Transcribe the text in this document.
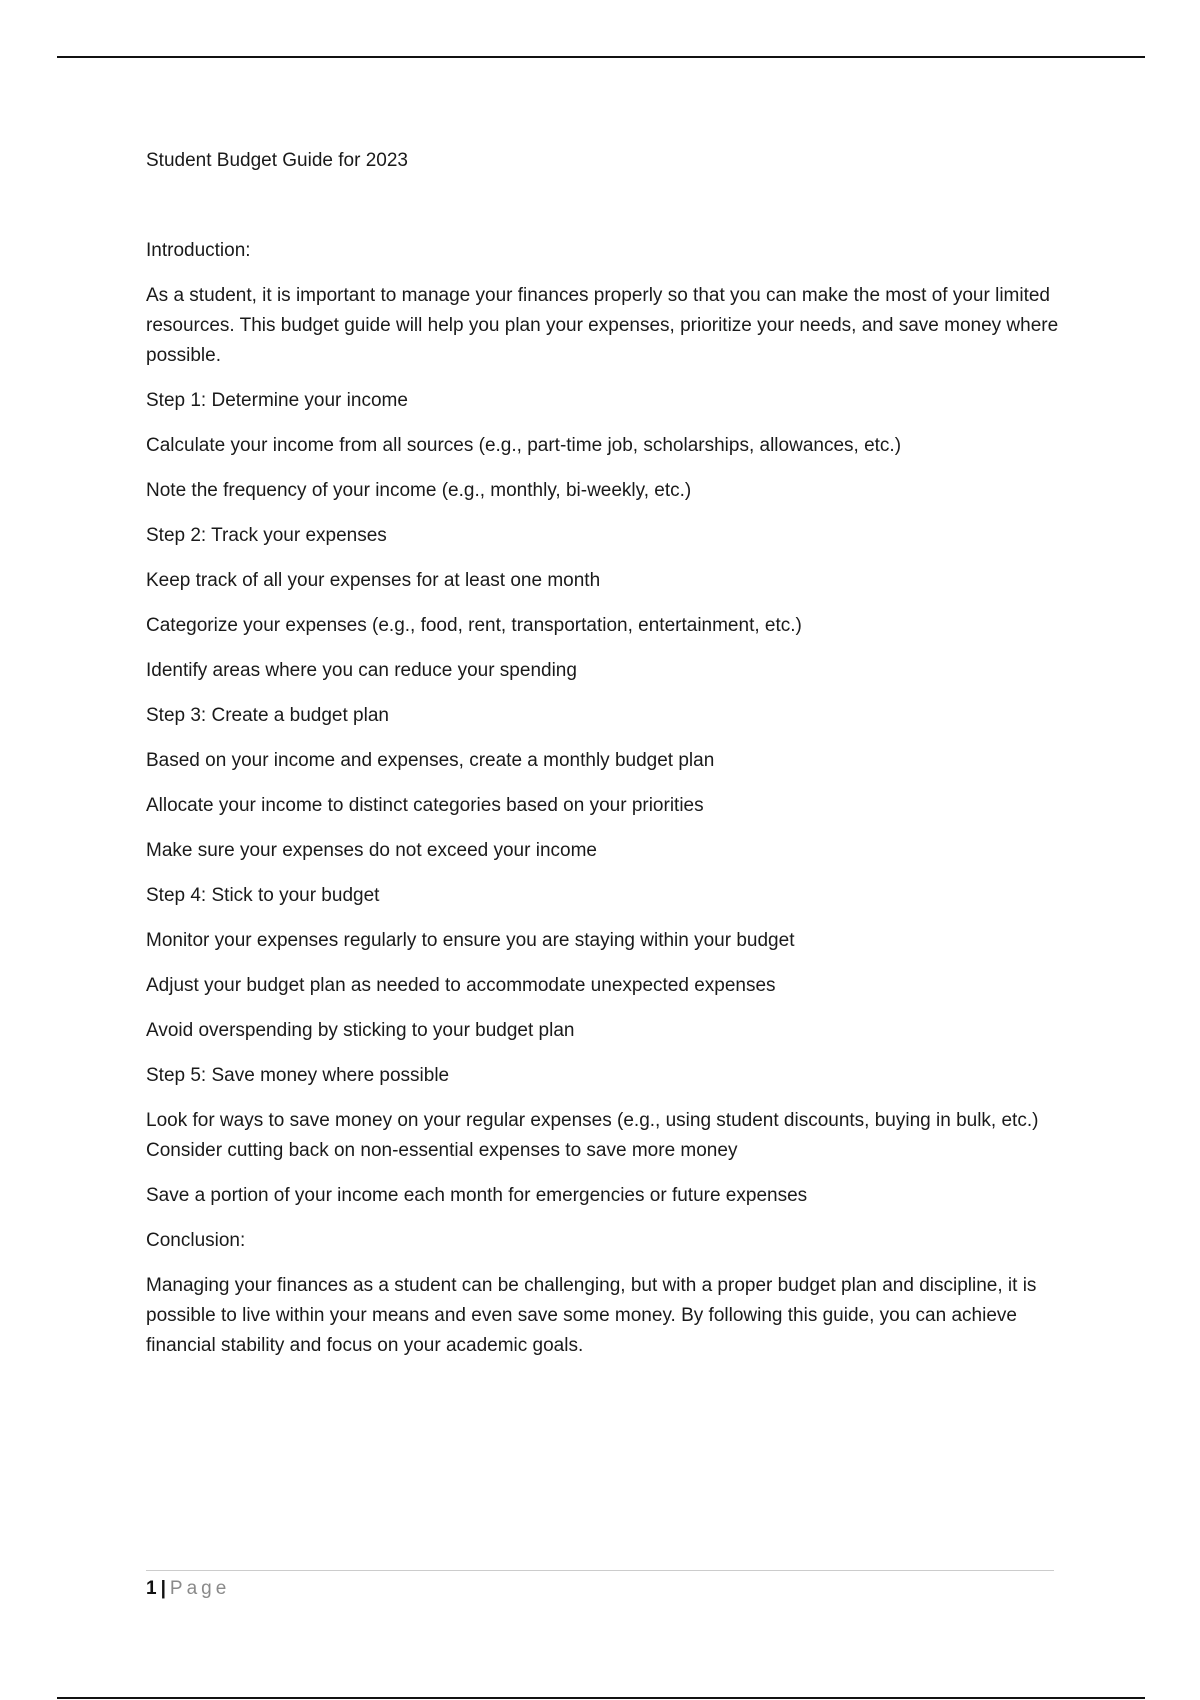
Student Budget Guide for 2023

Introduction:

As a student, it is important to manage your finances properly so that you can make the most of your limited resources. This budget guide will help you plan your expenses, prioritize your needs, and save money where possible.

Step 1: Determine your income

Calculate your income from all sources (e.g., part-time job, scholarships, allowances, etc.)

Note the frequency of your income (e.g., monthly, bi-weekly, etc.)

Step 2: Track your expenses

Keep track of all your expenses for at least one month

Categorize your expenses (e.g., food, rent, transportation, entertainment, etc.)

Identify areas where you can reduce your spending

Step 3: Create a budget plan

Based on your income and expenses, create a monthly budget plan

Allocate your income to distinct categories based on your priorities

Make sure your expenses do not exceed your income

Step 4: Stick to your budget

Monitor your expenses regularly to ensure you are staying within your budget

Adjust your budget plan as needed to accommodate unexpected expenses

Avoid overspending by sticking to your budget plan

Step 5: Save money where possible

Look for ways to save money on your regular expenses (e.g., using student discounts, buying in bulk, etc.) Consider cutting back on non-essential expenses to save more money

Save a portion of your income each month for emergencies or future expenses

Conclusion:

Managing your finances as a student can be challenging, but with a proper budget plan and discipline, it is possible to live within your means and even save some money. By following this guide, you can achieve financial stability and focus on your academic goals.

1 | Page
